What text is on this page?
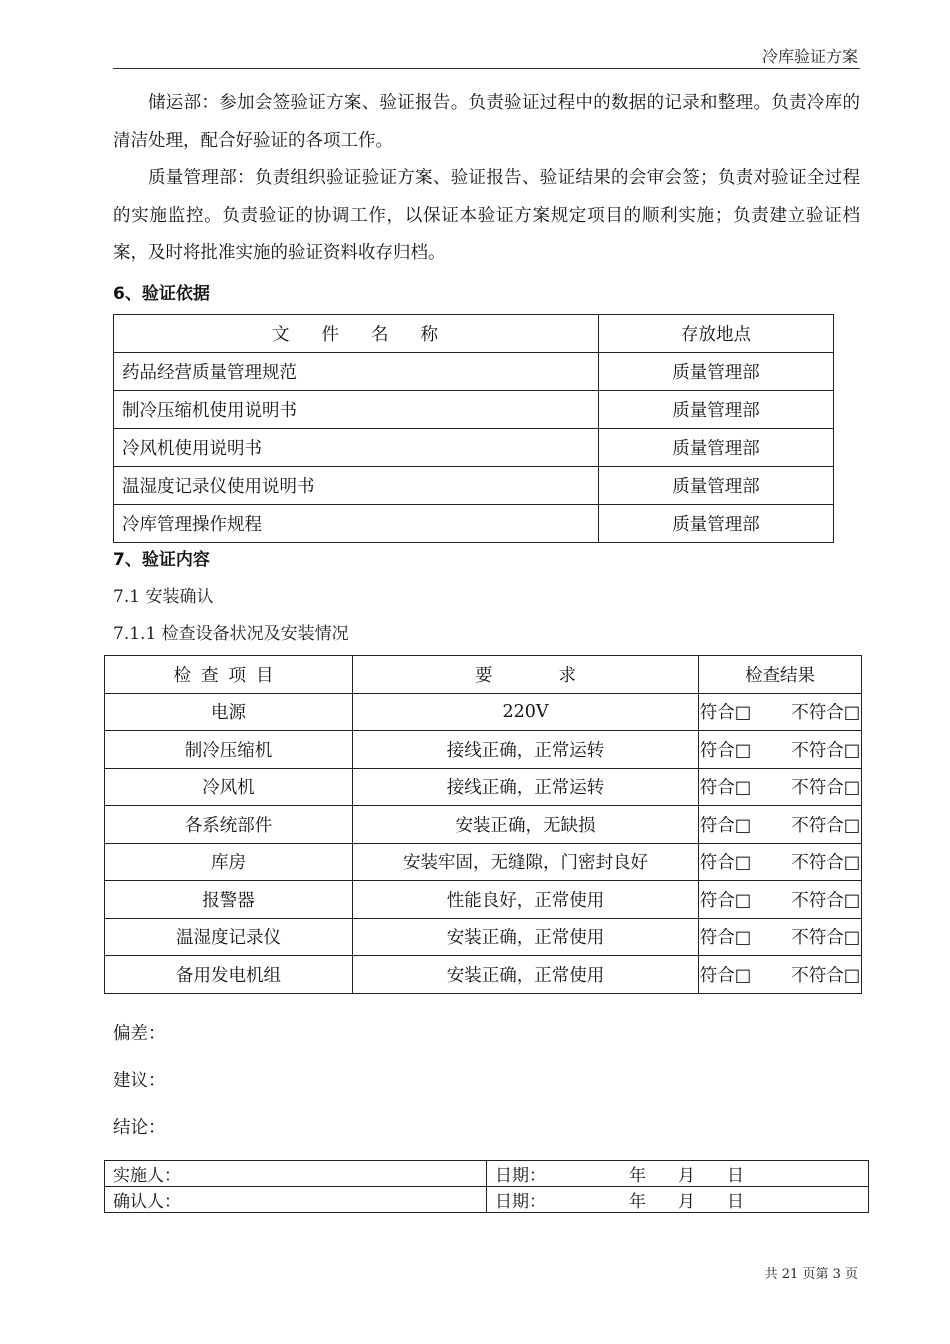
冷库验证方案

储运部：参加会签验证方案、验证报告。负责验证过程中的数据的记录和整理。负责冷库的清洁处理，配合好验证的各项工作。

质量管理部：负责组织验证验证方案、验证报告、验证结果的会审会签；负责对验证全过程的实施监控。负责验证的协调工作，以保证本验证方案规定项目的顺利实施；负责建立验证档案，及时将批准实施的验证资料收存归档。

6、验证依据
文件名称	存放地点
药品经营质量管理规范	质量管理部
制冷压缩机使用说明书	质量管理部
冷风机使用说明书	质量管理部
温湿度记录仪使用说明书	质量管理部
冷库管理操作规程	质量管理部
7、验证内容
7.1 安装确认
7.1.1 检查设备状况及安装情况
检查项目	要求	检查结果
电源	220V	符合□ 不符合□
制冷压缩机	接线正确，正常运转	符合□ 不符合□
冷风机	接线正确，正常运转	符合□ 不符合□
各系统部件	安装正确，无缺损	符合□ 不符合□
库房	安装牢固，无缝隙，门密封良好	符合□ 不符合□
报警器	性能良好，正常使用	符合□ 不符合□
温湿度记录仪	安装正确，正常使用	符合□ 不符合□
备用发电机组	安装正确，正常使用	符合□ 不符合□
偏差：
建议：
结论：
实施人：	日期： 年 月 日
确认人：	日期： 年 月 日
共 21 页第 3 页
